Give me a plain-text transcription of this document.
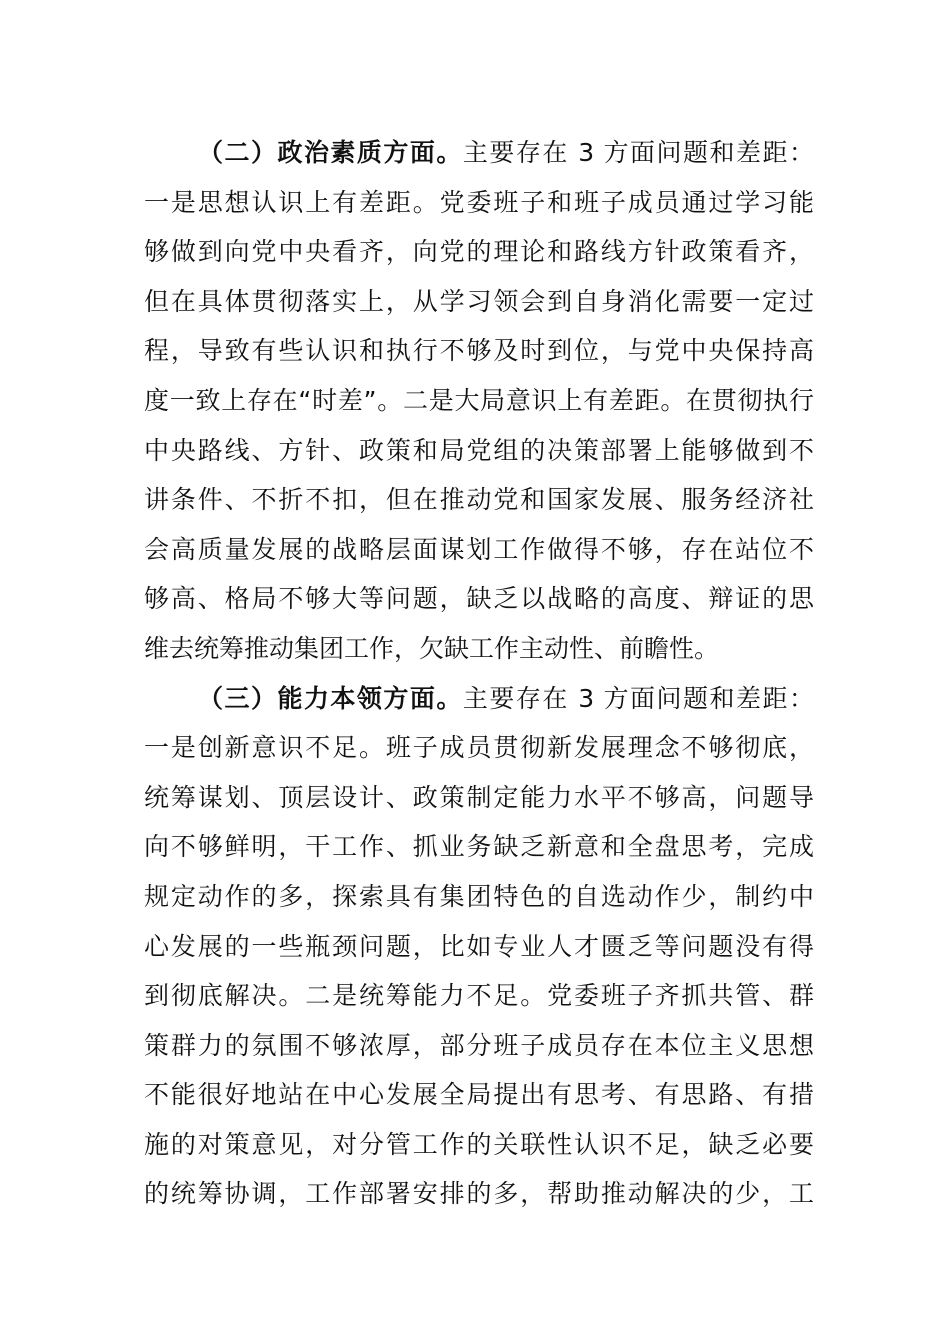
（二）政治素质方面。主要存在 3 方面问题和差距：
一是思想认识上有差距。党委班子和班子成员通过学习能
够做到向党中央看齐，向党的理论和路线方针政策看齐，
但在具体贯彻落实上，从学习领会到自身消化需要一定过
程，导致有些认识和执行不够及时到位，与党中央保持高
度一致上存在“时差”。二是大局意识上有差距。在贯彻执行
中央路线、方针、政策和局党组的决策部署上能够做到不
讲条件、不折不扣，但在推动党和国家发展、服务经济社
会高质量发展的战略层面谋划工作做得不够，存在站位不
够高、格局不够大等问题，缺乏以战略的高度、辩证的思
维去统筹推动集团工作，欠缺工作主动性、前瞻性。
（三）能力本领方面。主要存在 3 方面问题和差距：
一是创新意识不足。班子成员贯彻新发展理念不够彻底，
统筹谋划、顶层设计、政策制定能力水平不够高，问题导
向不够鲜明，干工作、抓业务缺乏新意和全盘思考，完成
规定动作的多，探索具有集团特色的自选动作少，制约中
心发展的一些瓶颈问题，比如专业人才匮乏等问题没有得
到彻底解决。二是统筹能力不足。党委班子齐抓共管、群
策群力的氛围不够浓厚，部分班子成员存在本位主义思想
不能很好地站在中心发展全局提出有思考、有思路、有措
施的对策意见，对分管工作的关联性认识不足，缺乏必要
的统筹协调，工作部署安排的多，帮助推动解决的少，工
